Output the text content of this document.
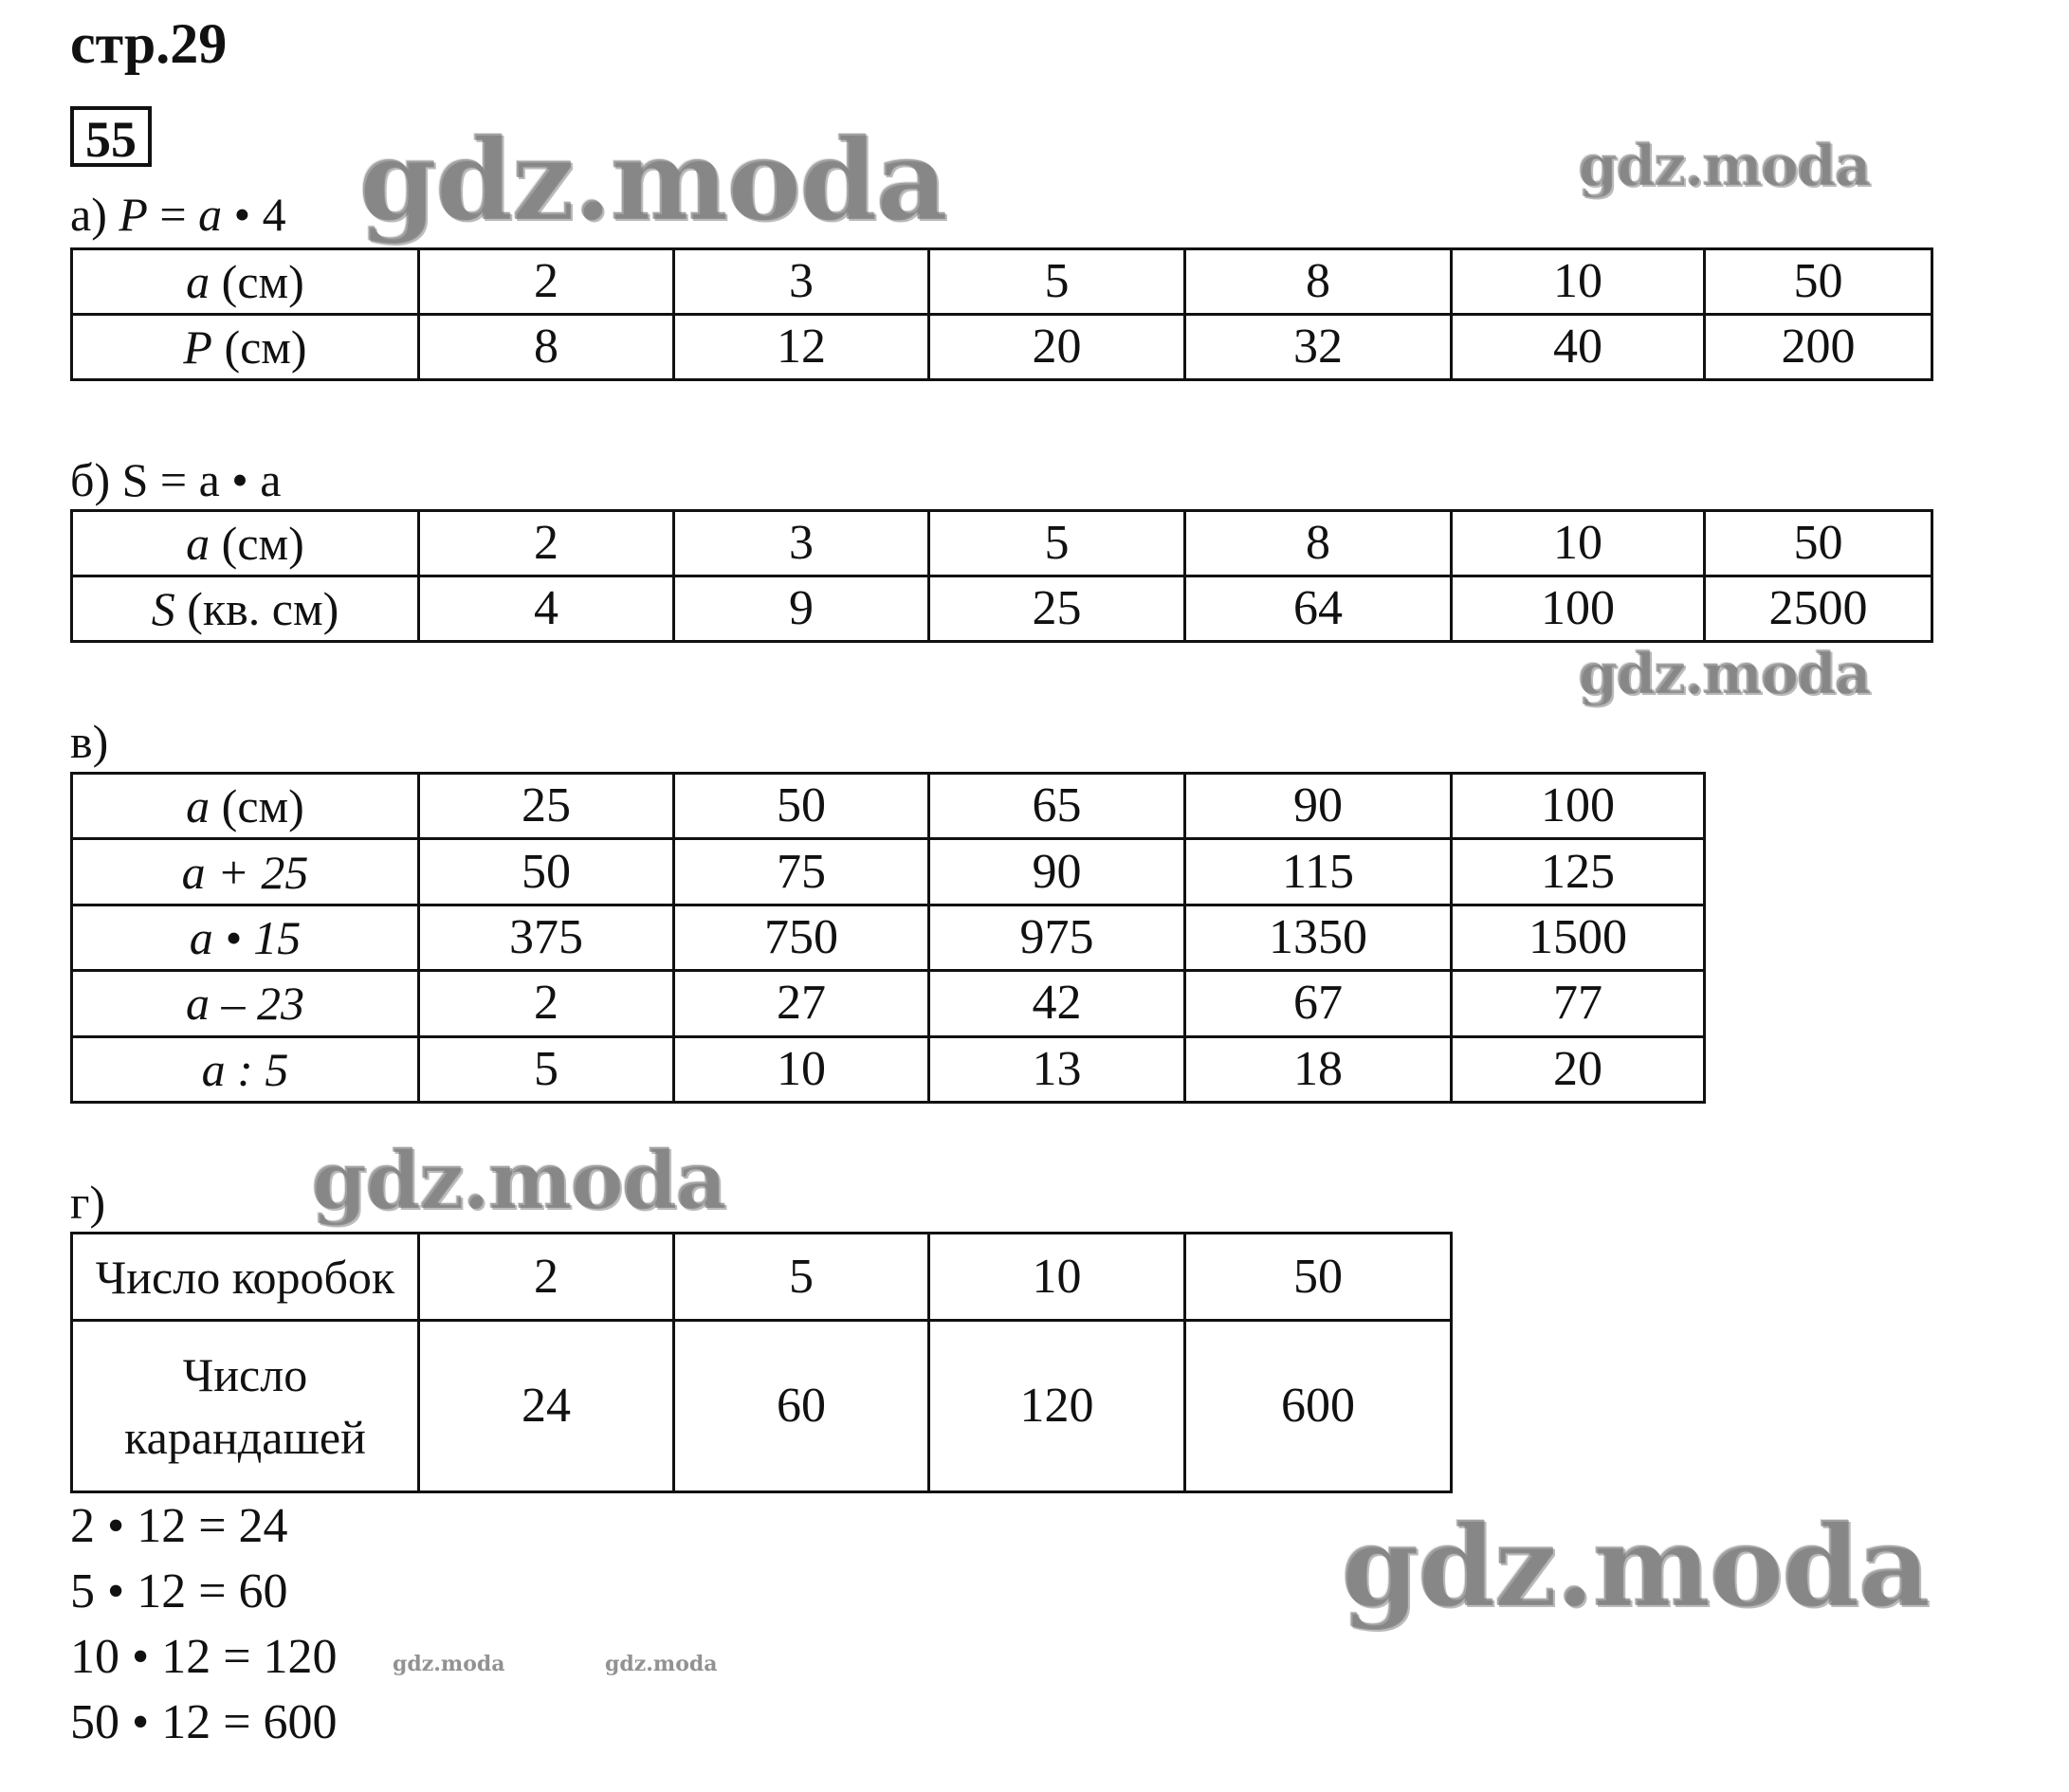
стр.29
55
а) P = a • 4
a (см)	2	3	5	8	10	50
P (см)	8	12	20	32	40	200
б) S = a • a
a (см)	2	3	5	8	10	50
S (кв. см)	4	9	25	64	100	2500
в)
a (см)	25	50	65	90	100
a + 25	50	75	90	115	125
a • 15	375	750	975	1350	1500
a – 23	2	27	42	67	77
a : 5	5	10	13	18	20
г)
Число коробок	2	5	10	50
Число карандашей	24	60	120	600
2 • 12 = 24
5 • 12 = 60
10 • 12 = 120
50 • 12 = 600
gdz.moda	gdz.moda
gdz.moda
gdz.moda
gdz.moda
gdz.moda	gdz.moda
